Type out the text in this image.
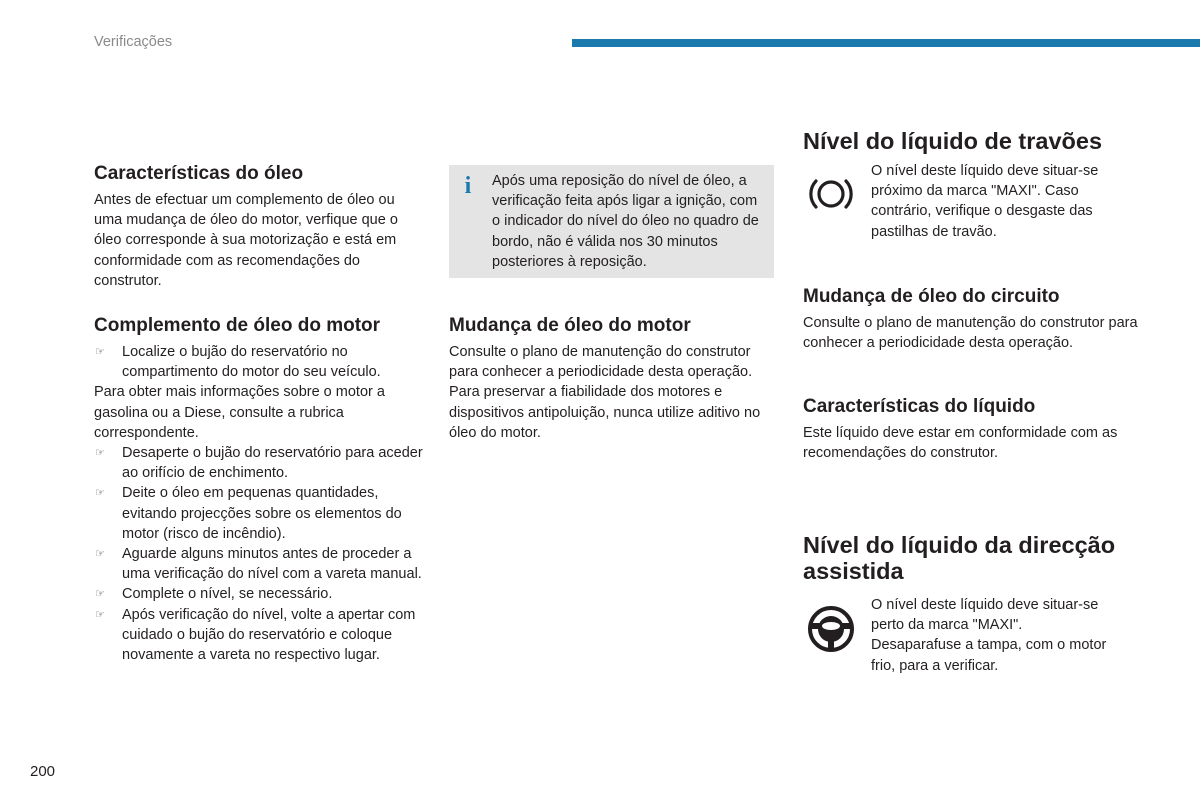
Verificações
Características do óleo

Antes de efectuar um complemento de óleo ou uma mudança de óleo do motor, verfique que o óleo corresponde à sua motorização e está em conformidade com as recomendações do construtor.

Complemento de óleo do motor
☞ Localize o bujão do reservatório no compartimento do motor do seu veículo.

Para obter mais informações sobre o motor a gasolina ou a Diese, consulte a rubrica correspondente.

☞ Desaperte o bujão do reservatório para aceder ao orifício de enchimento.
☞ Deite o óleo em pequenas quantidades, evitando projecções sobre os elementos do motor (risco de incêndio).
☞ Aguarde alguns minutos antes de proceder a uma verificação do nível com a vareta manual.
☞ Complete o nível, se necessário.
☞ Após verificação do nível, volte a apertar com cuidado o bujão do reservatório e coloque novamente a vareta no respectivo lugar.
i Após uma reposição do nível de óleo, a verificação feita após ligar a ignição, com o indicador do nível do óleo no quadro de bordo, não é válida nos 30 minutos posteriores à reposição.

Mudança de óleo do motor

Consulte o plano de manutenção do construtor para conhecer a periodicidade desta operação. Para preservar a fiabilidade dos motores e dispositivos antipoluição, nunca utilize aditivo no óleo do motor.

Nível do líquido de travões

O nível deste líquido deve situar-se próximo da marca "MAXI". Caso contrário, verifique o desgaste das pastilhas de travão.

Mudança de óleo do circuito

Consulte o plano de manutenção do construtor para conhecer a periodicidade desta operação.

Características do líquido

Este líquido deve estar em conformidade com as recomendações do construtor.

Nível do líquido da direcção assistida

O nível deste líquido deve situar-se perto da marca "MAXI". Desaparafuse a tampa, com o motor frio, para a verificar.

200
